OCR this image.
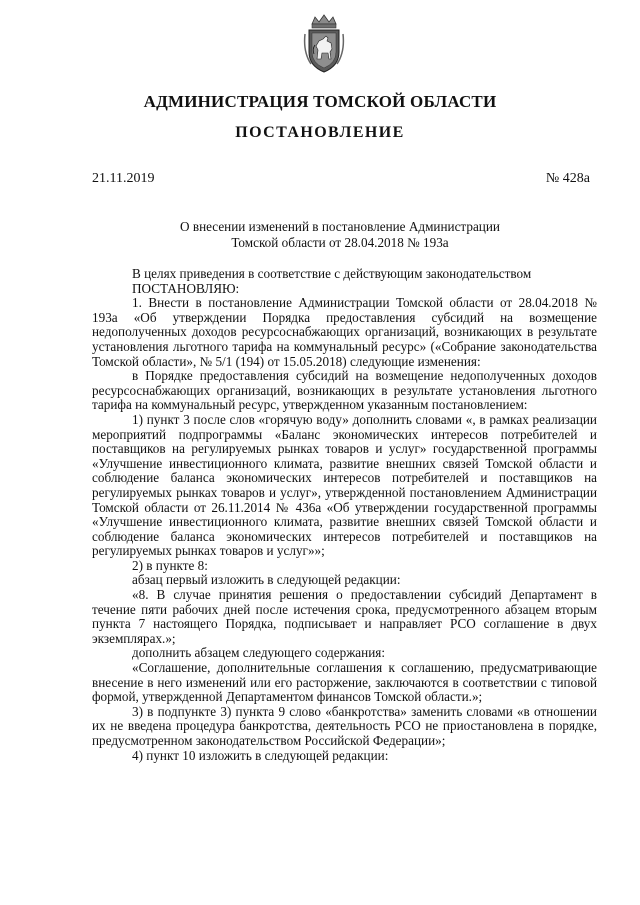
АДМИНИСТРАЦИЯ ТОМСКОЙ ОБЛАСТИ
ПОСТАНОВЛЕНИЕ
21.11.2019	№ 428а
О внесении изменений в постановление Администрации
Томской области от 28.04.2018 № 193а

В целях приведения в соответствие с действующим законодательством

ПОСТАНОВЛЯЮ:

1. Внести в постановление Администрации Томской области от 28.04.2018 № 193а «Об утверждении Порядка предоставления субсидий на возмещение недополученных доходов ресурсоснабжающих организаций, возникающих в результате установления льготного тарифа на коммунальный ресурс» («Собрание законодательства Томской области», № 5/1 (194) от 15.05.2018) следующие изменения:

в Порядке предоставления субсидий на возмещение недополученных доходов ресурсоснабжающих организаций, возникающих в результате установления льготного тарифа на коммунальный ресурс, утвержденном указанным постановлением:

1) пункт 3 после слов «горячую воду» дополнить словами «, в рамках реализации мероприятий подпрограммы «Баланс экономических интересов потребителей и поставщиков на регулируемых рынках товаров и услуг» государственной программы «Улучшение инвестиционного климата, развитие внешних связей Томской области и соблюдение баланса экономических интересов потребителей и поставщиков на регулируемых рынках товаров и услуг», утвержденной постановлением Администрации Томской области от 26.11.2014 № 436а «Об утверждении государственной программы «Улучшение инвестиционного климата, развитие внешних связей Томской области и соблюдение баланса экономических интересов потребителей и поставщиков на регулируемых рынках товаров и услуг»»;

2) в пункте 8:

абзац первый изложить в следующей редакции:

«8. В случае принятия решения о предоставлении субсидий Департамент в течение пяти рабочих дней после истечения срока, предусмотренного абзацем вторым пункта 7 настоящего Порядка, подписывает и направляет РСО соглашение в двух экземплярах.»;

дополнить абзацем следующего содержания:

«Соглашение, дополнительные соглашения к соглашению, предусматривающие внесение в него изменений или его расторжение, заключаются в соответствии с типовой формой, утвержденной Департаментом финансов Томской области.»;

3) в подпункте 3) пункта 9 слово «банкротства» заменить словами «в отношении их не введена процедура банкротства, деятельность РСО не приостановлена в порядке, предусмотренном законодательством Российской Федерации»;

4) пункт 10 изложить в следующей редакции:
